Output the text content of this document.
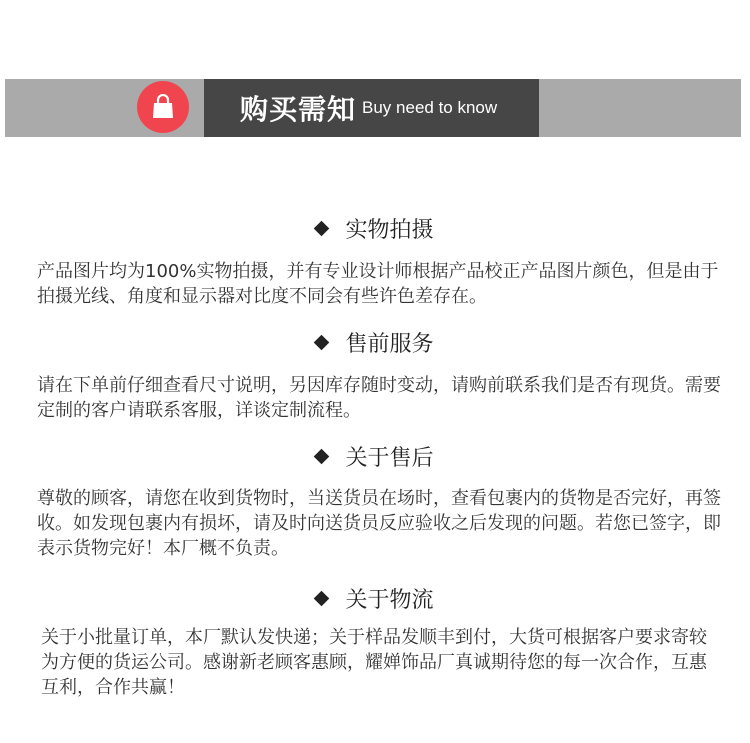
购买需知 Buy need to know
实物拍摄

产品图片均为100%实物拍摄，并有专业设计师根据产品校正产品图片颜色，但是由于拍摄光线、角度和显示器对比度不同会有些许色差存在。

售前服务

请在下单前仔细查看尺寸说明，另因库存随时变动，请购前联系我们是否有现货。需要定制的客户请联系客服，详谈定制流程。

关于售后

尊敬的顾客，请您在收到货物时，当送货员在场时，查看包裹内的货物是否完好，再签收。如发现包裹内有损坏，请及时向送货员反应验收之后发现的问题。若您已签字，即表示货物完好！本厂概不负责。

关于物流

关于小批量订单，本厂默认发快递；关于样品发顺丰到付，大货可根据客户要求寄较为方便的货运公司。感谢新老顾客惠顾，耀婵饰品厂真诚期待您的每一次合作，互惠互利，合作共赢！
